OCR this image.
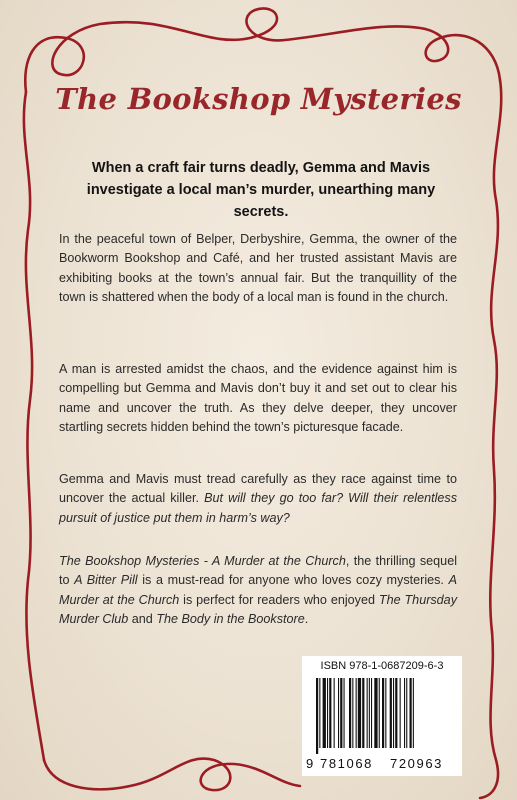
The Bookshop Mysteries
When a craft fair turns deadly, Gemma and Mavis investigate a local man’s murder, unearthing many secrets.

In the peaceful town of Belper, Derbyshire, Gemma, the owner of the Bookworm Bookshop and Café, and her trusted assistant Mavis are exhibiting books at the town’s annual fair. But the tranquillity of the town is shattered when the body of a local man is found in the church.

A man is arrested amidst the chaos, and the evidence against him is compelling but Gemma and Mavis don’t buy it and set out to clear his name and uncover the truth. As they delve deeper, they uncover startling secrets hidden behind the town’s picturesque facade.

Gemma and Mavis must tread carefully as they race against time to uncover the actual killer. But will they go too far? Will their relentless pursuit of justice put them in harm’s way?

The Bookshop Mysteries - A Murder at the Church, the thrilling sequel to A Bitter Pill is a must-read for anyone who loves cozy mysteries. A Murder at the Church is perfect for readers who enjoyed The Thursday Murder Club and The Body in the Bookstore.

ISBN 978-1-0687209-6-3
9 781068 720963
